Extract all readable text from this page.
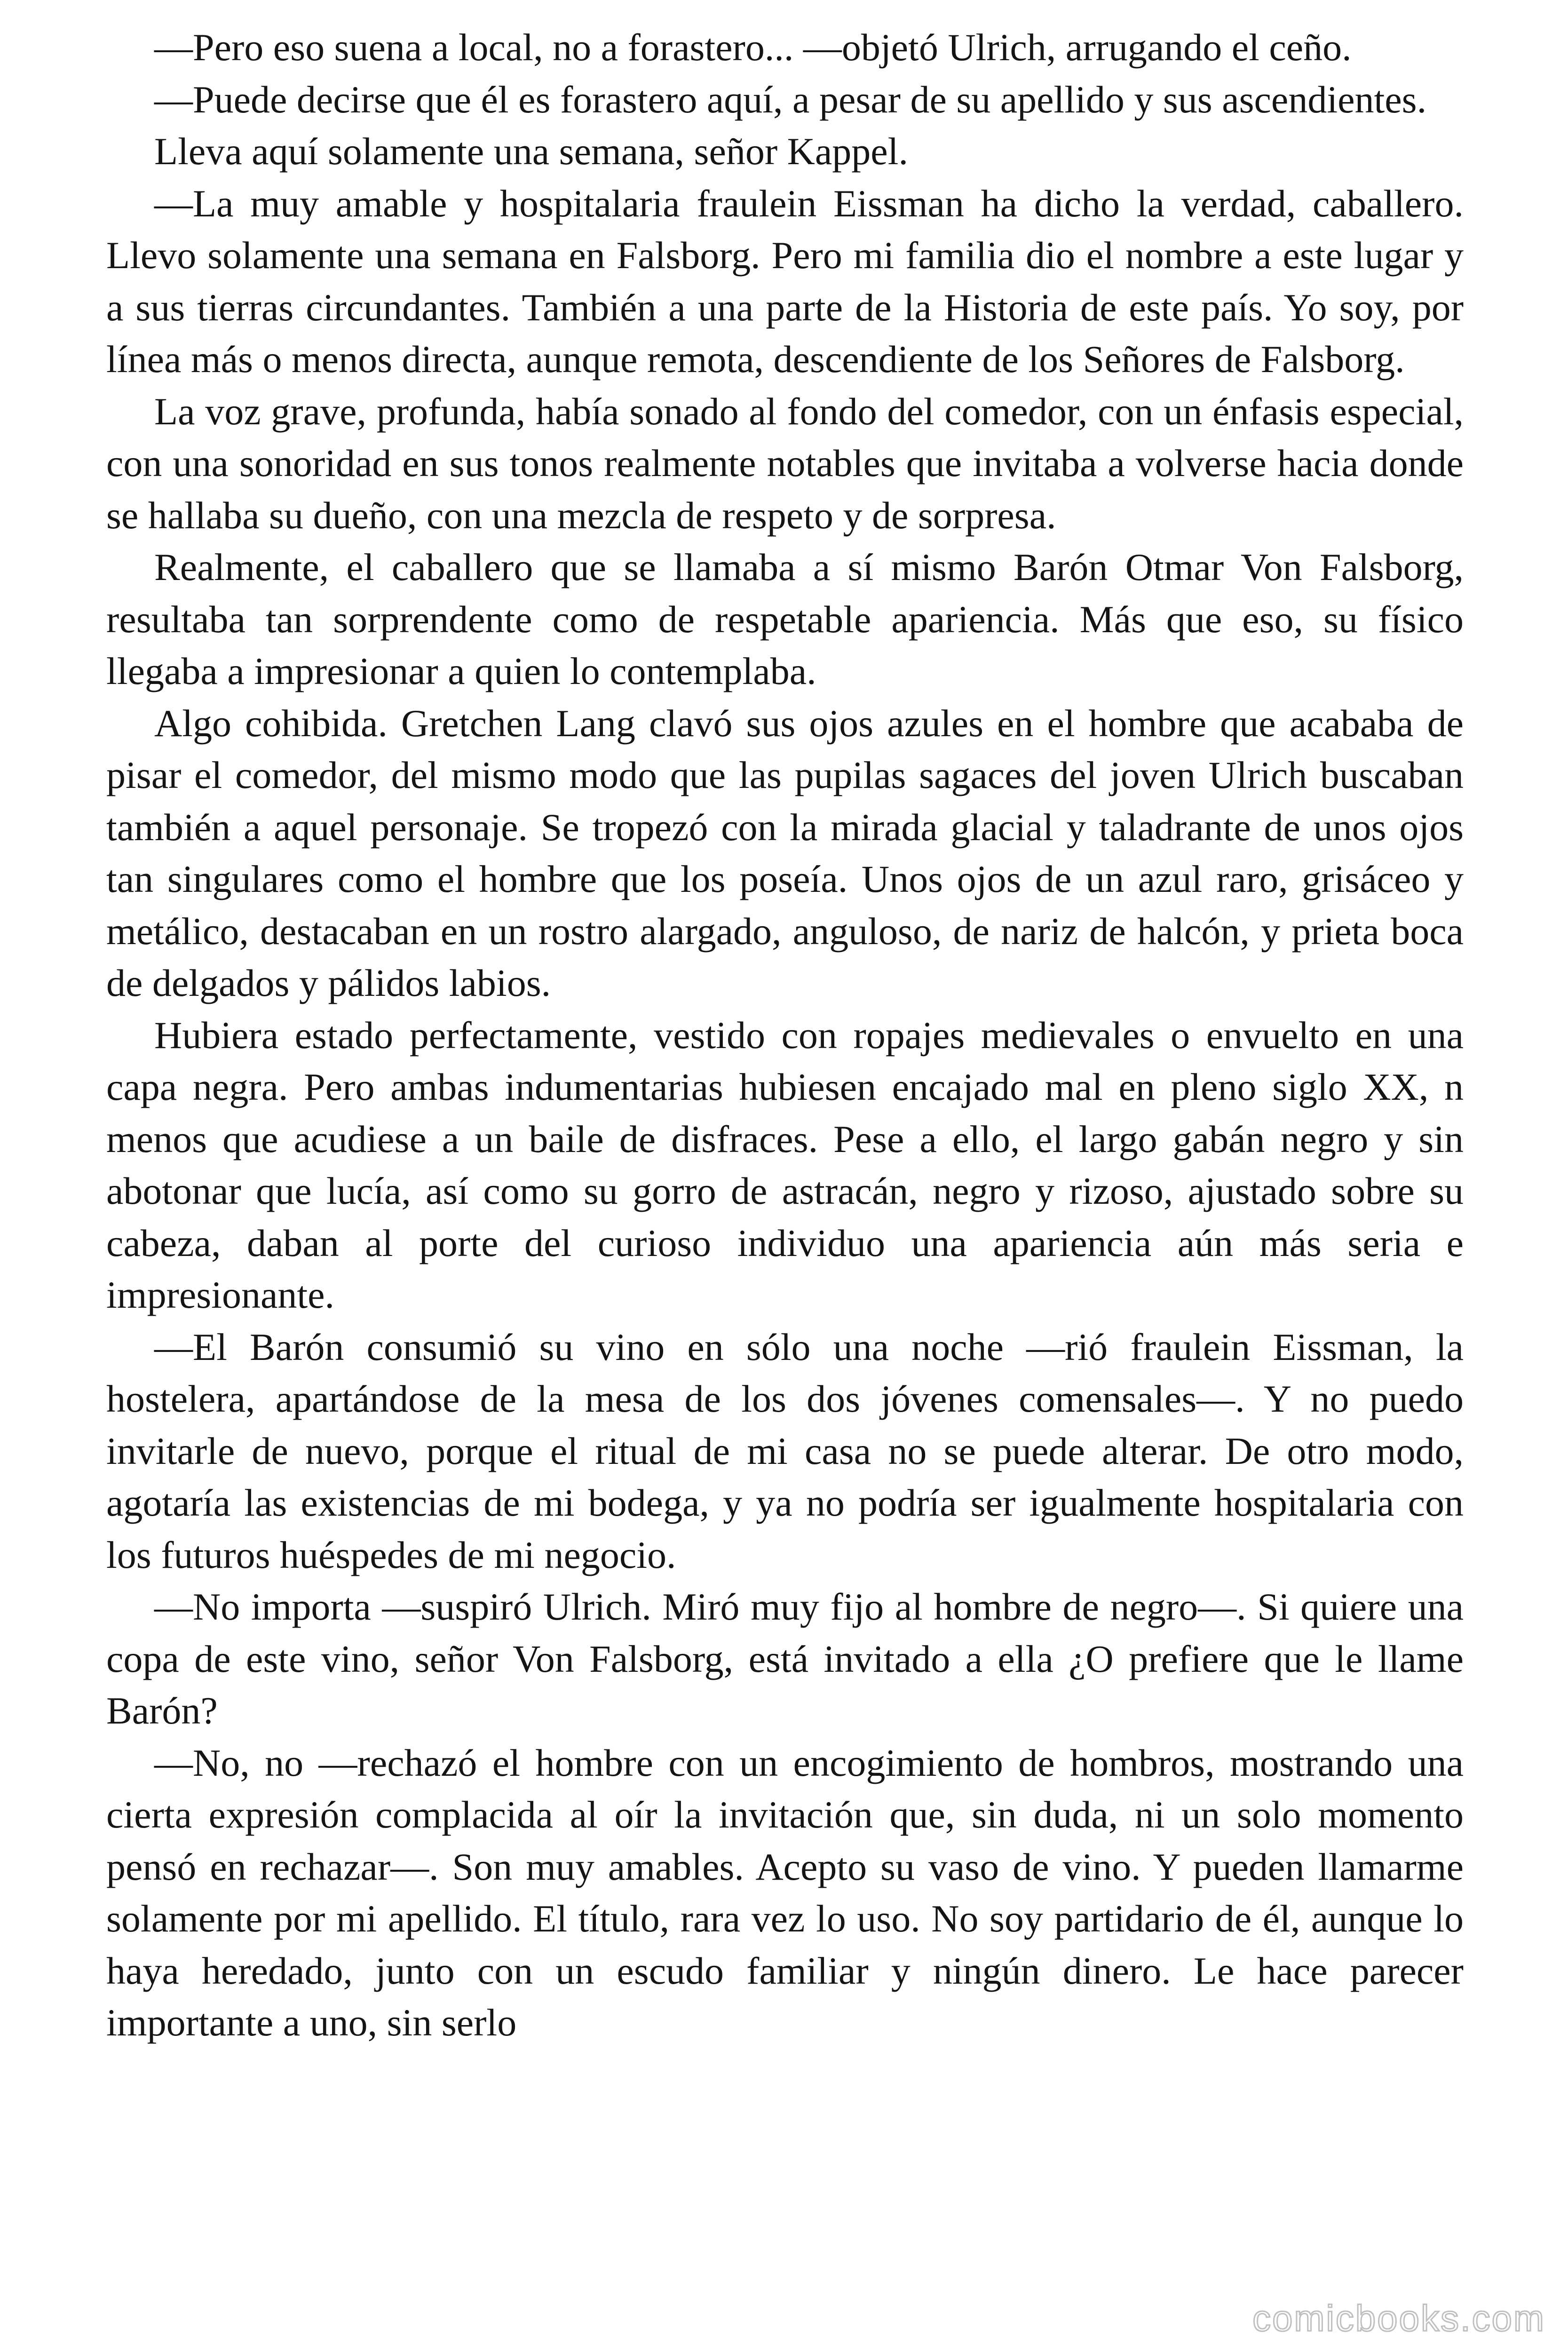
—Pero eso suena a local, no a forastero... —objetó Ulrich, arrugando el ceño.

—Puede decirse que él es forastero aquí, a pesar de su apellido y sus ascendientes.

Lleva aquí solamente una semana, señor Kappel.

—La muy amable y hospitalaria fraulein Eissman ha dicho la verdad, caballero. Llevo solamente una semana en Falsborg. Pero mi familia dio el nombre a este lugar y a sus tierras circundantes. También a una parte de la Historia de este país. Yo soy, por línea más o menos directa, aunque remota, descendiente de los Señores de Falsborg.

La voz grave, profunda, había sonado al fondo del comedor, con un énfasis especial, con una sonoridad en sus tonos realmente notables que invitaba a volverse hacia donde se hallaba su dueño, con una mezcla de respeto y de sorpresa.

Realmente, el caballero que se llamaba a sí mismo Barón Otmar Von Falsborg, resultaba tan sorprendente como de respetable apariencia. Más que eso, su físico llegaba a impresionar a quien lo contemplaba.

Algo cohibida. Gretchen Lang clavó sus ojos azules en el hombre que acababa de pisar el comedor, del mismo modo que las pupilas sagaces del joven Ulrich buscaban también a aquel personaje. Se tropezó con la mirada glacial y taladrante de unos ojos tan singulares como el hombre que los poseía. Unos ojos de un azul raro, grisáceo y metálico, destacaban en un rostro alargado, anguloso, de nariz de halcón, y prieta boca de delgados y pálidos labios.

Hubiera estado perfectamente, vestido con ropajes medievales o envuelto en una capa negra. Pero ambas indumentarias hubiesen encajado mal en pleno siglo XX, n menos que acudiese a un baile de disfraces. Pese a ello, el largo gabán negro y sin abotonar que lucía, así como su gorro de astracán, negro y rizoso, ajustado sobre su cabeza, daban al porte del curioso individuo una apariencia aún más seria e impresionante.

—El Barón consumió su vino en sólo una noche —rió fraulein Eissman, la hostelera, apartándose de la mesa de los dos jóvenes comensales—. Y no puedo invitarle de nuevo, porque el ritual de mi casa no se puede alterar. De otro modo, agotaría las existencias de mi bodega, y ya no podría ser igualmente hospitalaria con los futuros huéspedes de mi negocio.

—No importa —suspiró Ulrich. Miró muy fijo al hombre de negro—. Si quiere una copa de este vino, señor Von Falsborg, está invitado a ella ¿O prefiere que le llame Barón?

—No, no —rechazó el hombre con un encogimiento de hombros, mostrando una cierta expresión complacida al oír la invitación que, sin duda, ni un solo momento pensó en rechazar—. Son muy amables. Acepto su vaso de vino. Y pueden llamarme solamente por mi apellido. El título, rara vez lo uso. No soy partidario de él, aunque lo haya heredado, junto con un escudo familiar y ningún dinero. Le hace parecer importante a uno, sin serlo

comicbooks.com
